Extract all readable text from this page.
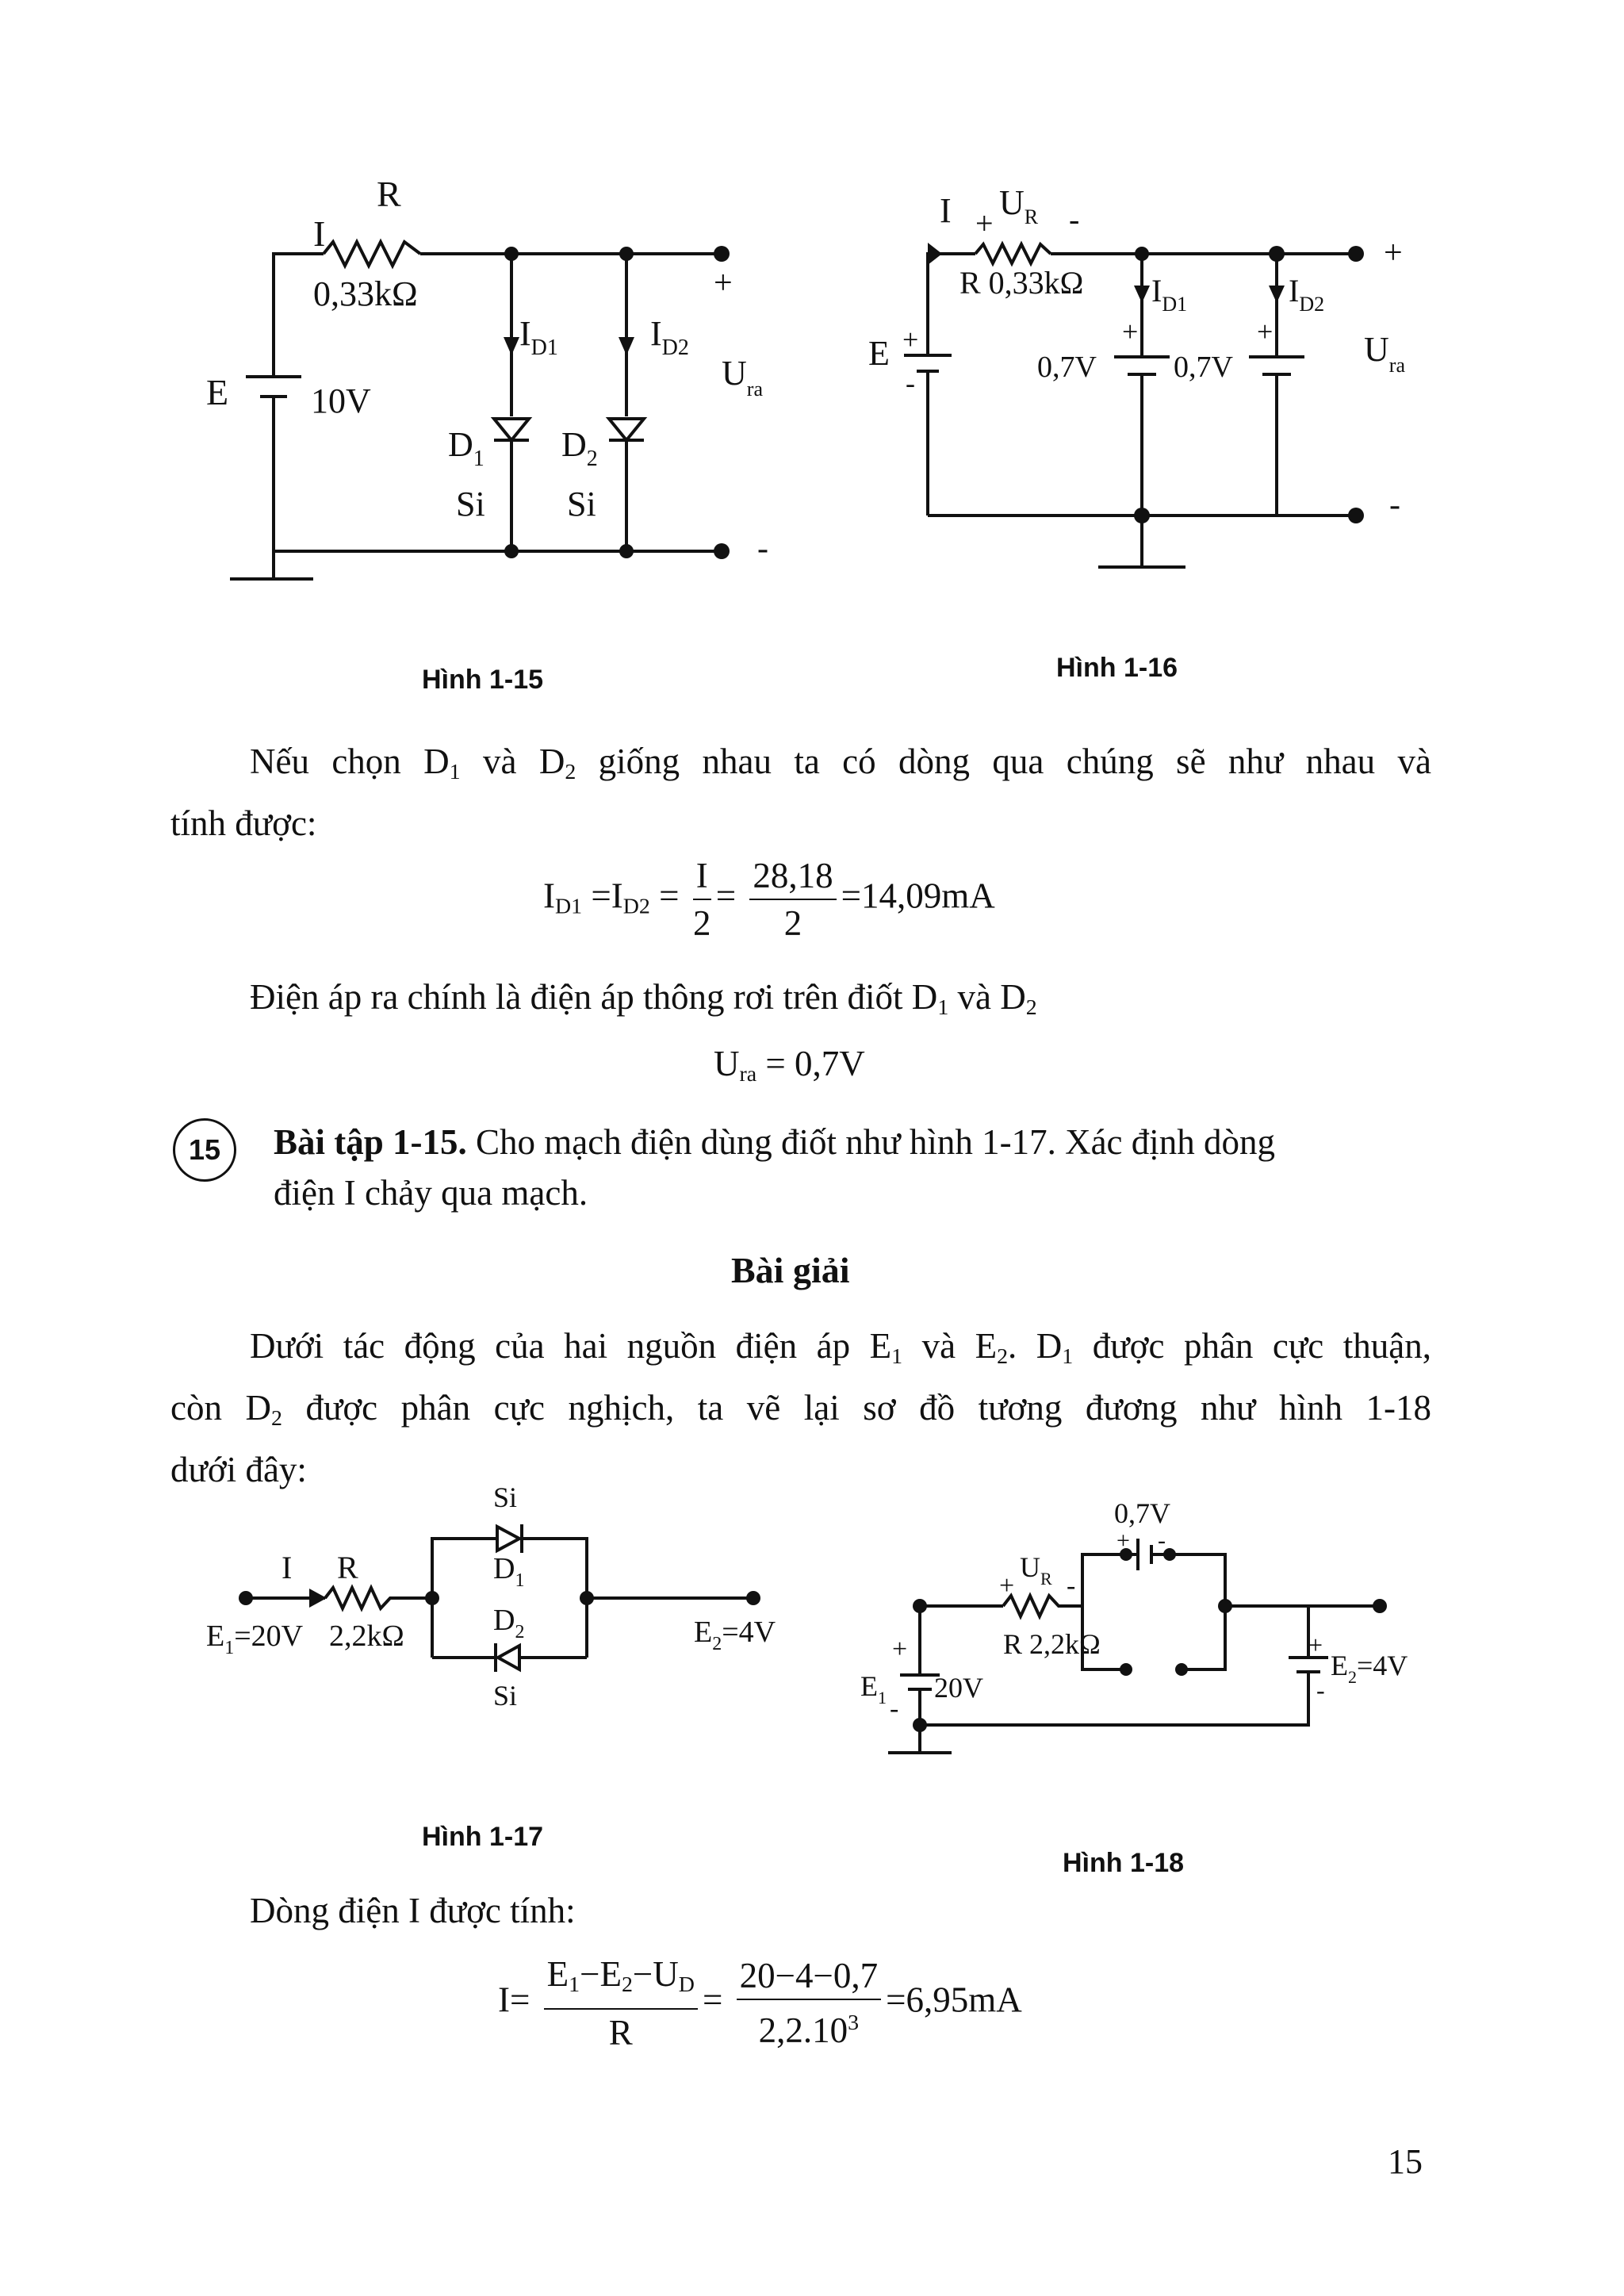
R
I
0,33kΩ
E 10V
$I_{D1}$	$I_{D2}$
$D_1$ $D_2$
Si Si
+
-
$U_{ra}$
Hình 1-15
I +
$U_R$ -
R 0,33kΩ $I_{D1}$	$I_{D2}$
E +
-	0,7V	0,7V
+	+
+
-
$U_{ra}$
Hình 1-16
Nếu chọn $D_1$ và $D_2$ giống nhau ta có dòng qua chúng sẽ như nhau và
tính được:
$I_{D1} =I_{D2} = \frac{I}{2} = \frac{28,18}{2} =14,09mA$
Điện áp ra chính là điện áp thông rơi trên điốt $D_1$ và $D_2$
$U_{ra} = 0,7V$
15	Bài tập 1-15. Cho mạch điện dùng điốt như hình 1-17. Xác định dòng
điện I chảy qua mạch.
Bài giải
Dưới tác động của hai nguồn điện áp $E_1$ và $E_2$. $D_1$ được phân cực thuận,
còn $D_2$ được phân cực nghịch, ta vẽ lại sơ đồ tương đương như hình 1-18
dưới đây:
I R
$E_1=20V$ 2,2kΩ
Si
$D_1$
$D_2$
Si
$E_2=4V$
Hình 1-17
0,7V
+ -
+
$U_R$ -
R 2,2kΩ
+
$E_1$ -
20V
+
$E_2=4V$
-
Hình 1-18
Dòng điện I được tính:
$I= \frac{E_1-E_2-U_D}{R} = \frac{20-4-0,7}{2,2.10^3} =6,95mA$
15
